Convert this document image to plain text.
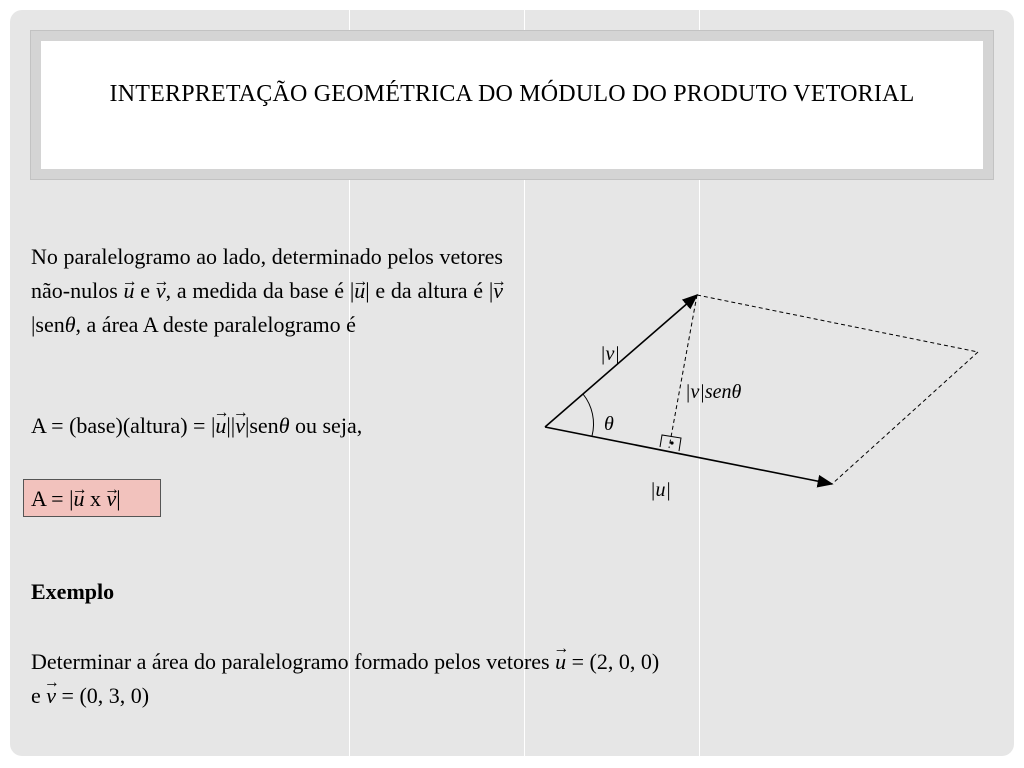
INTERPRETAÇÃO GEOMÉTRICA DO MÓDULO DO PRODUTO VETORIAL
No paralelogramo ao lado, determinado pelos vetores não-nulos → u e → v, a medida da base é |→ u| e da altura é |→ v|senθ, a área A deste paralelogramo é
A = (base)(altura) = |→ u||→ v|senθ ou seja,
A = |→ u x → v|
Exemplo
Determinar a área do paralelogramo formado pelos vetores → u = (2, 0, 0)
e → v = (0, 3, 0)
|v|
|v|senθ
θ
|u|
